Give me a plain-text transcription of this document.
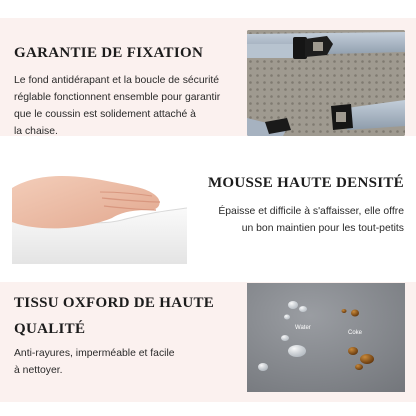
GARANTIE DE FIXATION
Le fond antidérapant et la boucle de sécurité
réglable fonctionnent ensemble pour garantir
que le coussin est solidement attaché à
la chaise.
MOUSSE HAUTE DENSITÉ
Épaisse et difficile à s'affaisser, elle offre
un bon maintien pour les tout-petits
TISSU OXFORD DE HAUTE
QUALITÉ
Anti-rayures, imperméable et facile
à nettoyer.
Water
Coke
